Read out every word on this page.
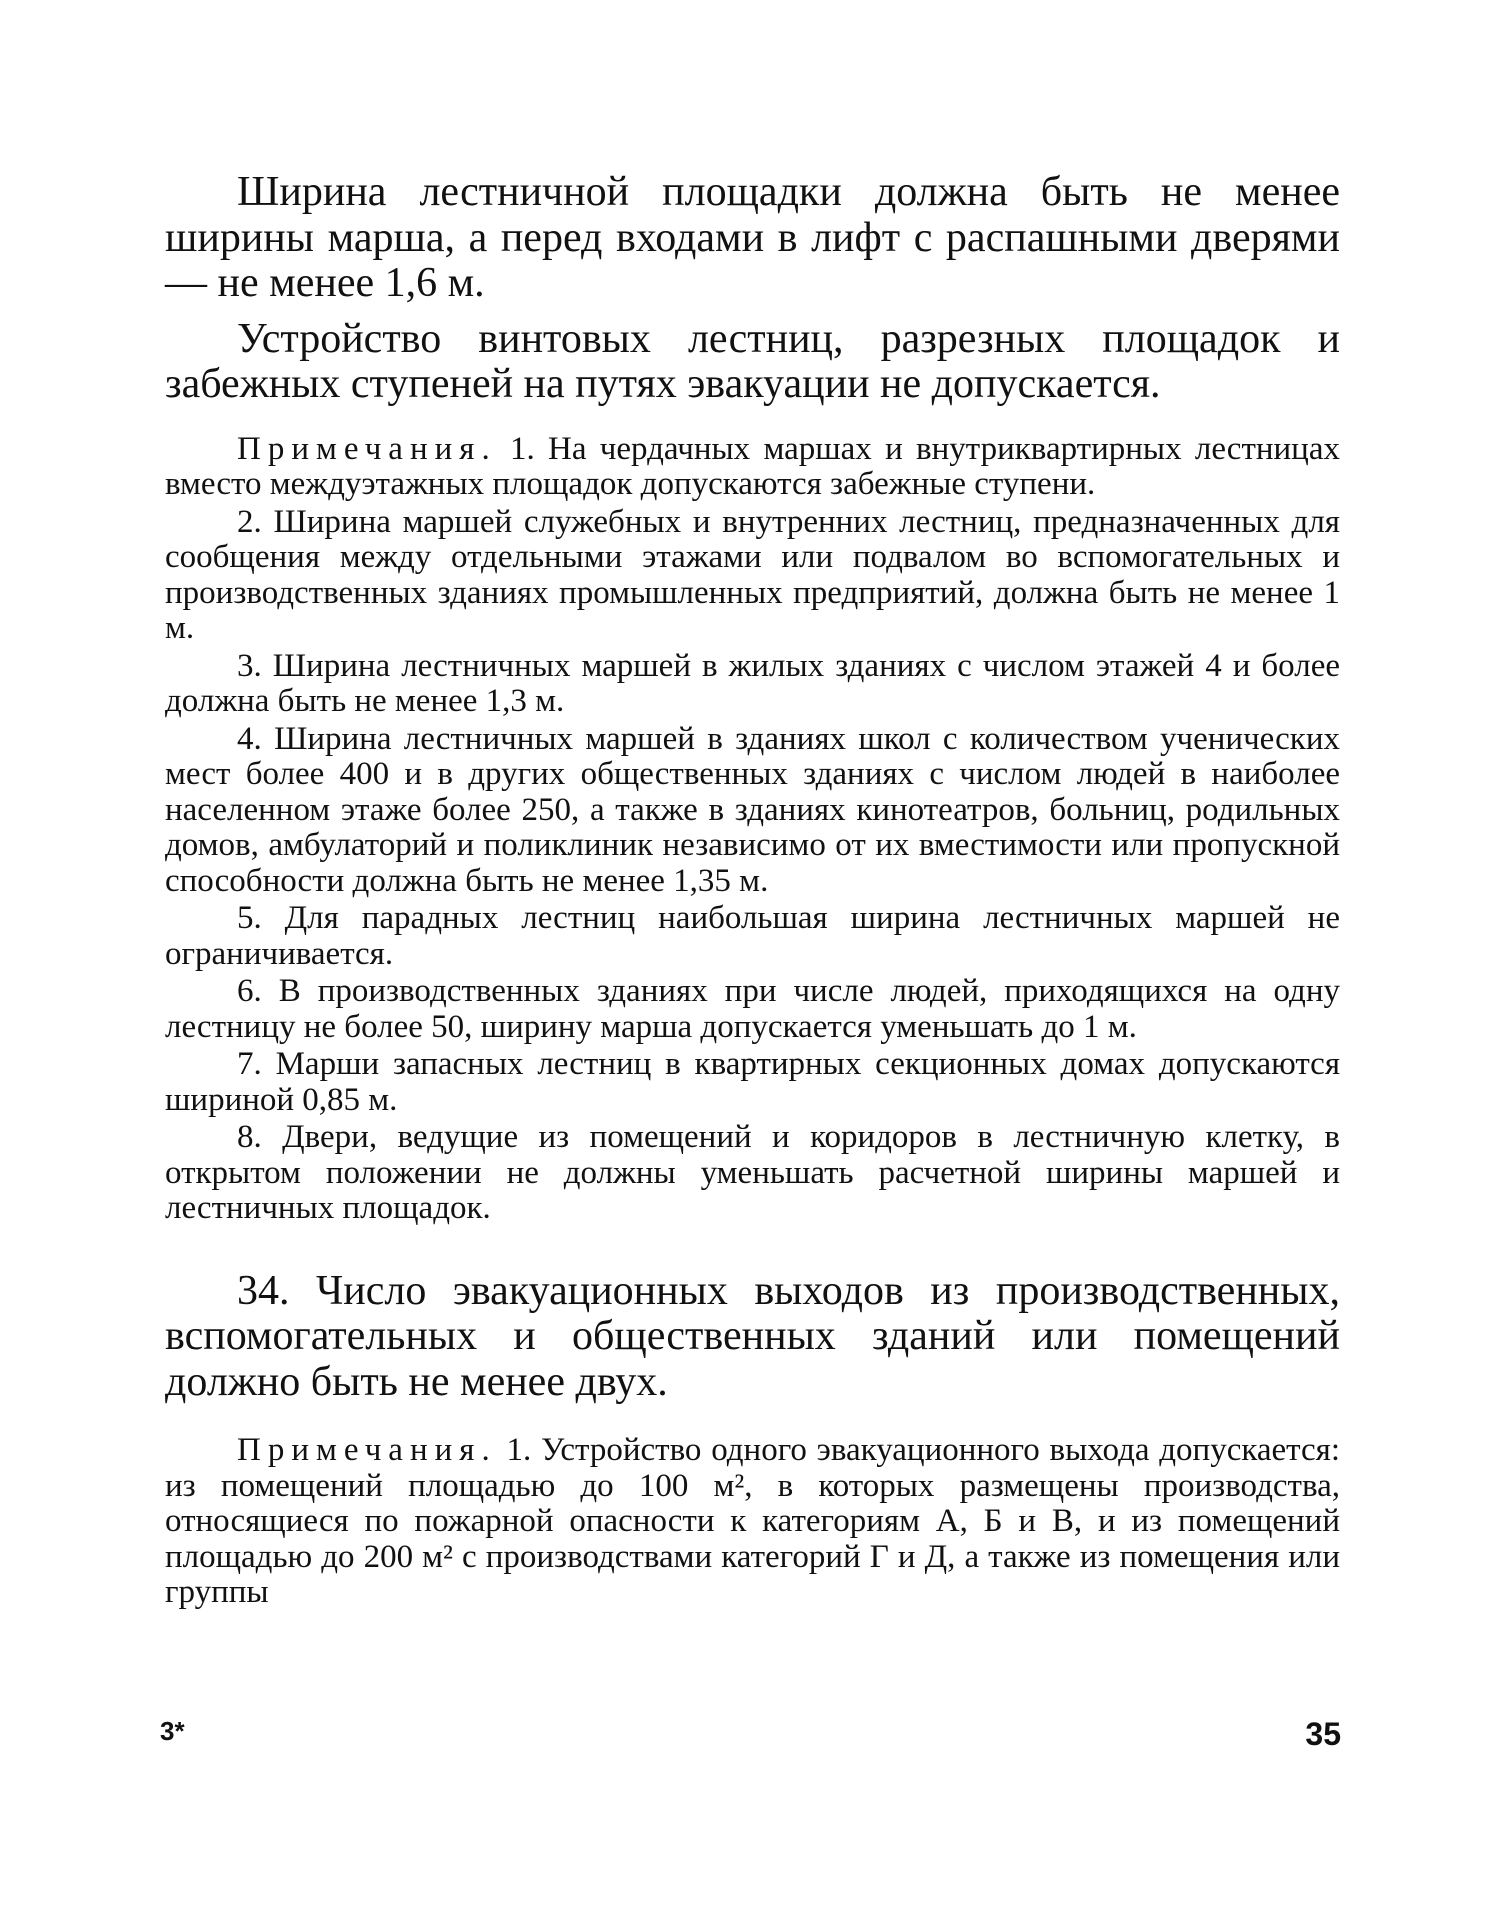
Ширина лестничной площадки должна быть не менее ширины марша, а перед входами в лифт с распашными дверями — не менее 1,6 м.

Устройство винтовых лестниц, разрезных площадок и забежных ступеней на путях эвакуации не допускается.

Примечания. 1. На чердачных маршах и внутриквартирных лестницах вместо междуэтажных площадок допускаются забежные ступени.

2. Ширина маршей служебных и внутренних лестниц, предназначенных для сообщения между отдельными этажами или подвалом во вспомогательных и производственных зданиях промышленных предприятий, должна быть не менее 1 м.

3. Ширина лестничных маршей в жилых зданиях с числом этажей 4 и более должна быть не менее 1,3 м.

4. Ширина лестничных маршей в зданиях школ с количеством ученических мест более 400 и в других общественных зданиях с числом людей в наиболее населенном этаже более 250, а также в зданиях кинотеатров, больниц, родильных домов, амбулаторий и поликлиник независимо от их вместимости или пропускной способности должна быть не менее 1,35 м.

5. Для парадных лестниц наибольшая ширина лестничных маршей не ограничивается.

6. В производственных зданиях при числе людей, приходящихся на одну лестницу не более 50, ширину марша допускается уменьшать до 1 м.

7. Марши запасных лестниц в квартирных секционных домах допускаются шириной 0,85 м.

8. Двери, ведущие из помещений и коридоров в лестничную клетку, в открытом положении не должны уменьшать расчетной ширины маршей и лестничных площадок.

34. Число эвакуационных выходов из производственных, вспомогательных и общественных зданий или помещений должно быть не менее двух.

Примечания. 1. Устройство одного эвакуационного выхода допускается: из помещений площадью до 100 м², в которых размещены производства, относящиеся по пожарной опасности к категориям А, Б и В, и из помещений площадью до 200 м² с производствами категорий Г и Д, а также из помещения или группы

3*	35
